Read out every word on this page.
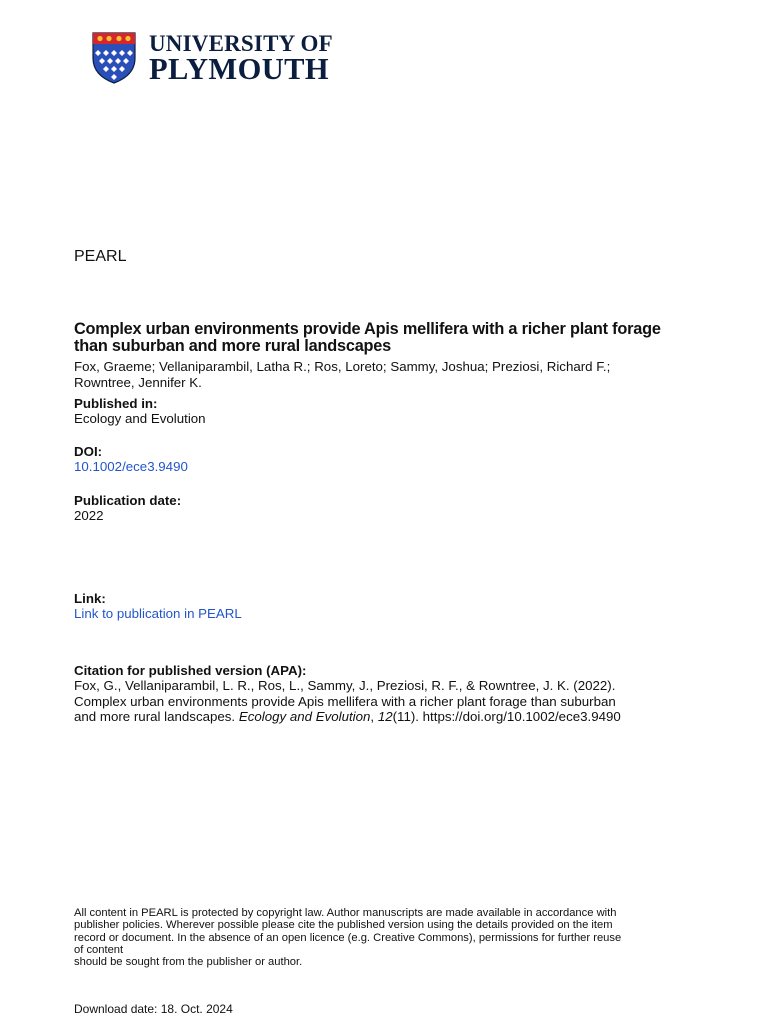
UNIVERSITY OF
PLYMOUTH
PEARL
Complex urban environments provide Apis mellifera with a richer plant forage
than suburban and more rural landscapes
Fox, Graeme; Vellaniparambil, Latha R.; Ros, Loreto; Sammy, Joshua; Preziosi, Richard F.;
Rowntree, Jennifer K.
Published in:
Ecology and Evolution
DOI:
10.1002/ece3.9490
Publication date:
2022
Link:
Link to publication in PEARL
Citation for published version (APA):
Fox, G., Vellaniparambil, L. R., Ros, L., Sammy, J., Preziosi, R. F., & Rowntree, J. K. (2022).
Complex urban environments provide Apis mellifera with a richer plant forage than suburban
and more rural landscapes. Ecology and Evolution, 12(11). https://doi.org/10.1002/ece3.9490
All content in PEARL is protected by copyright law. Author manuscripts are made available in accordance with
publisher policies. Wherever possible please cite the published version using the details provided on the item
record or document. In the absence of an open licence (e.g. Creative Commons), permissions for further reuse
of content
should be sought from the publisher or author.
Download date: 18. Oct. 2024
